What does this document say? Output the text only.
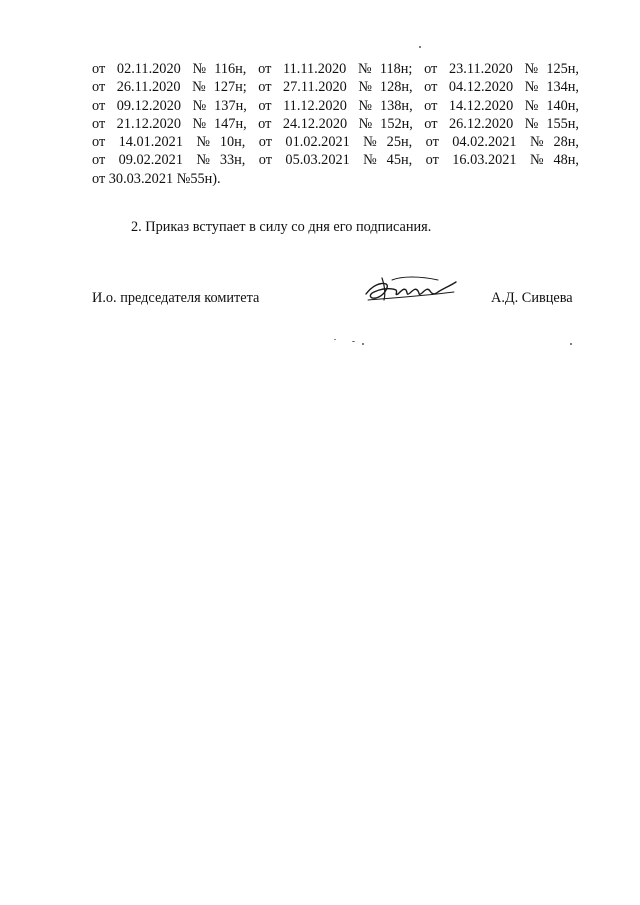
от 02.11.2020 №116н, от 11.11.2020 №118н; от 23.11.2020 №125н,
от 26.11.2020 №127н; от 27.11.2020 №128н, от 04.12.2020 №134н,
от 09.12.2020 №137н, от 11.12.2020 №138н, от 14.12.2020 №140н,
от 21.12.2020 №147н, от 24.12.2020 №152н, от 26.12.2020 №155н,
от 14.01.2021 №10н, от 01.02.2021 №25н, от 04.02.2021 №28н,
от 09.02.2021 №33н, от 05.03.2021 №45н, от 16.03.2021 №48н,
от 30.03.2021 №55н).
2. Приказ вступает в силу со дня его подписания.
И.о. председателя комитета	А.Д. Сивцева
